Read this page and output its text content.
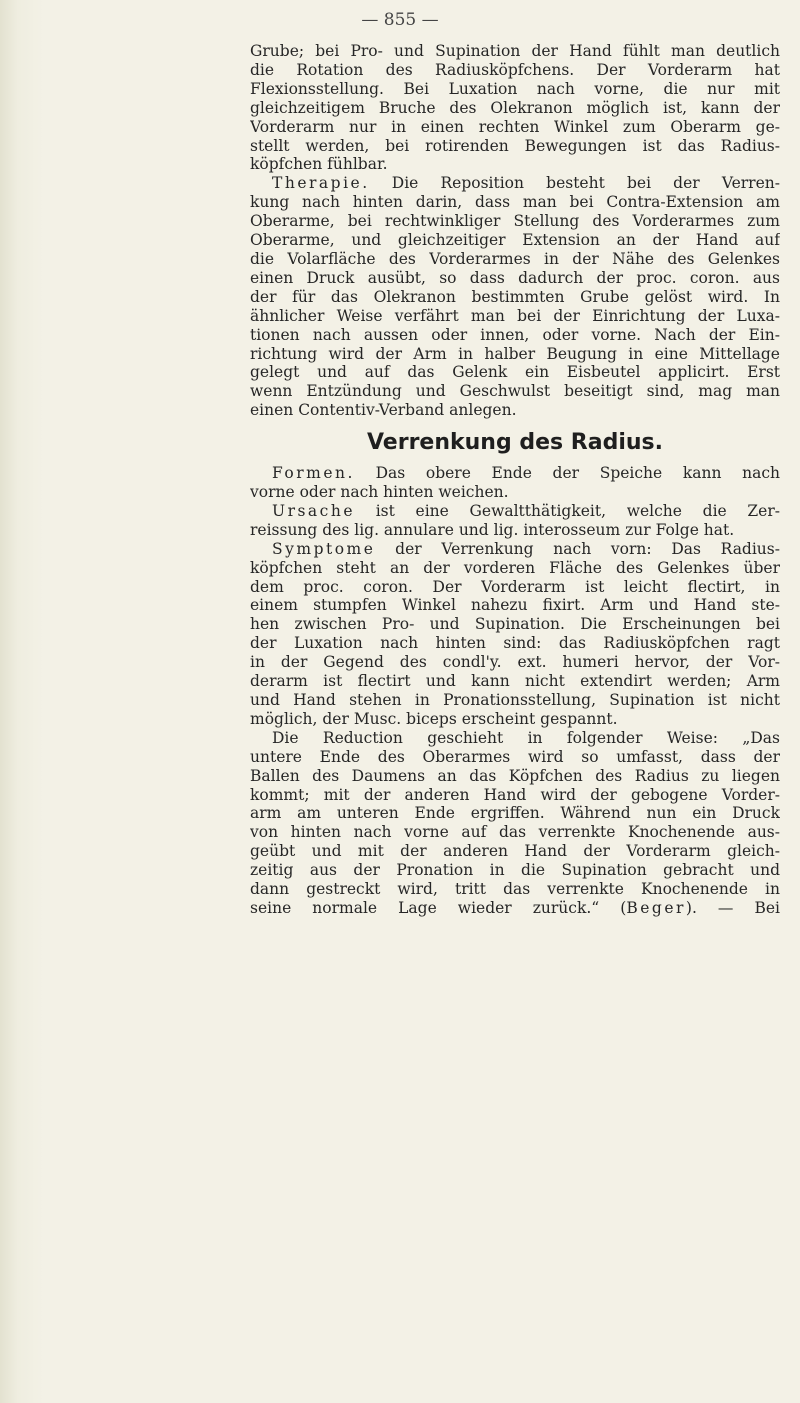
— 855 —
Grube; bei Pro- und Supination der Hand fühlt man deutlich
die Rotation des Radiusköpfchens. Der Vorderarm hat
Flexionsstellung. Bei Luxation nach vorne, die nur mit
gleichzeitigem Bruche des Olekranon möglich ist, kann der
Vorderarm nur in einen rechten Winkel zum Oberarm ge-
stellt werden, bei rotirenden Bewegungen ist das Radius-
köpfchen fühlbar.
Therapie. Die Reposition besteht bei der Verren-
kung nach hinten darin, dass man bei Contra-Extension am
Oberarme, bei rechtwinkliger Stellung des Vorderarmes zum
Oberarme, und gleichzeitiger Extension an der Hand auf
die Volarfläche des Vorderarmes in der Nähe des Gelenkes
einen Druck ausübt, so dass dadurch der proc. coron. aus
der für das Olekranon bestimmten Grube gelöst wird. In
ähnlicher Weise verfährt man bei der Einrichtung der Luxa-
tionen nach aussen oder innen, oder vorne. Nach der Ein-
richtung wird der Arm in halber Beugung in eine Mittellage
gelegt und auf das Gelenk ein Eisbeutel applicirt. Erst
wenn Entzündung und Geschwulst beseitigt sind, mag man
einen Contentiv-Verband anlegen.
Verrenkung des Radius.
Formen. Das obere Ende der Speiche kann nach
vorne oder nach hinten weichen.
Ursache ist eine Gewaltthätigkeit, welche die Zer-
reissung des lig. annulare und lig. interosseum zur Folge hat.
Symptome der Verrenkung nach vorn: Das Radius-
köpfchen steht an der vorderen Fläche des Gelenkes über
dem proc. coron. Der Vorderarm ist leicht flectirt, in
einem stumpfen Winkel nahezu fixirt. Arm und Hand ste-
hen zwischen Pro- und Supination. Die Erscheinungen bei
der Luxation nach hinten sind: das Radiusköpfchen ragt
in der Gegend des condl'y. ext. humeri hervor, der Vor-
derarm ist flectirt und kann nicht extendirt werden; Arm
und Hand stehen in Pronationsstellung, Supination ist nicht
möglich, der Musc. biceps erscheint gespannt.
Die Reduction geschieht in folgender Weise: „Das
untere Ende des Oberarmes wird so umfasst, dass der
Ballen des Daumens an das Köpfchen des Radius zu liegen
kommt; mit der anderen Hand wird der gebogene Vorder-
arm am unteren Ende ergriffen. Während nun ein Druck
von hinten nach vorne auf das verrenkte Knochenende aus-
geübt und mit der anderen Hand der Vorderarm gleich-
zeitig aus der Pronation in die Supination gebracht und
dann gestreckt wird, tritt das verrenkte Knochenende in
seine normale Lage wieder zurück.“ (Beger). — Bei
